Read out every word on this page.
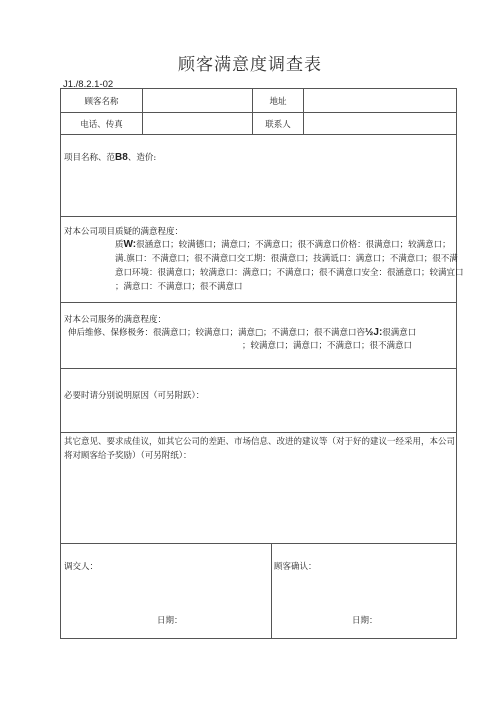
顾客满意度调查表
J1./8.2.1-02
顾客名称	地址
电话、传真	联系人
项目名称、范B8、造价:
对本公司项目质疑的满意程度：
质W:很涵意口；较满德口；满意口；不满意口；很不满意口价格：很满意口；较满意口；
满.旗口：不满意口；很不满意口交工期：很满意口；技满诋口：满意口；不满意口；很不满
意口环境：很满意口；较满意口：满意口；不满意口；很不满意口安全：很涵意口；较满宜口
；满意口：不满意口；很不满意口
对本公司服务的满意程度：
伸后维修、保修极务：很满意口；较满意口；满意□；不满意口；很不满意口咨½J:很满意口
；较满意口；满意口；不满意口；很不满意口
必要时请分别说明原因（可另附跃）：
其它意见、要求成佳议，如其它公司的差距、市场信息、改进的建议等（对于好的建议一经采用，本公司
将对顾客给予奖励）（可另附纸）：
调交人：
日期：
顾客确认：
日期：
